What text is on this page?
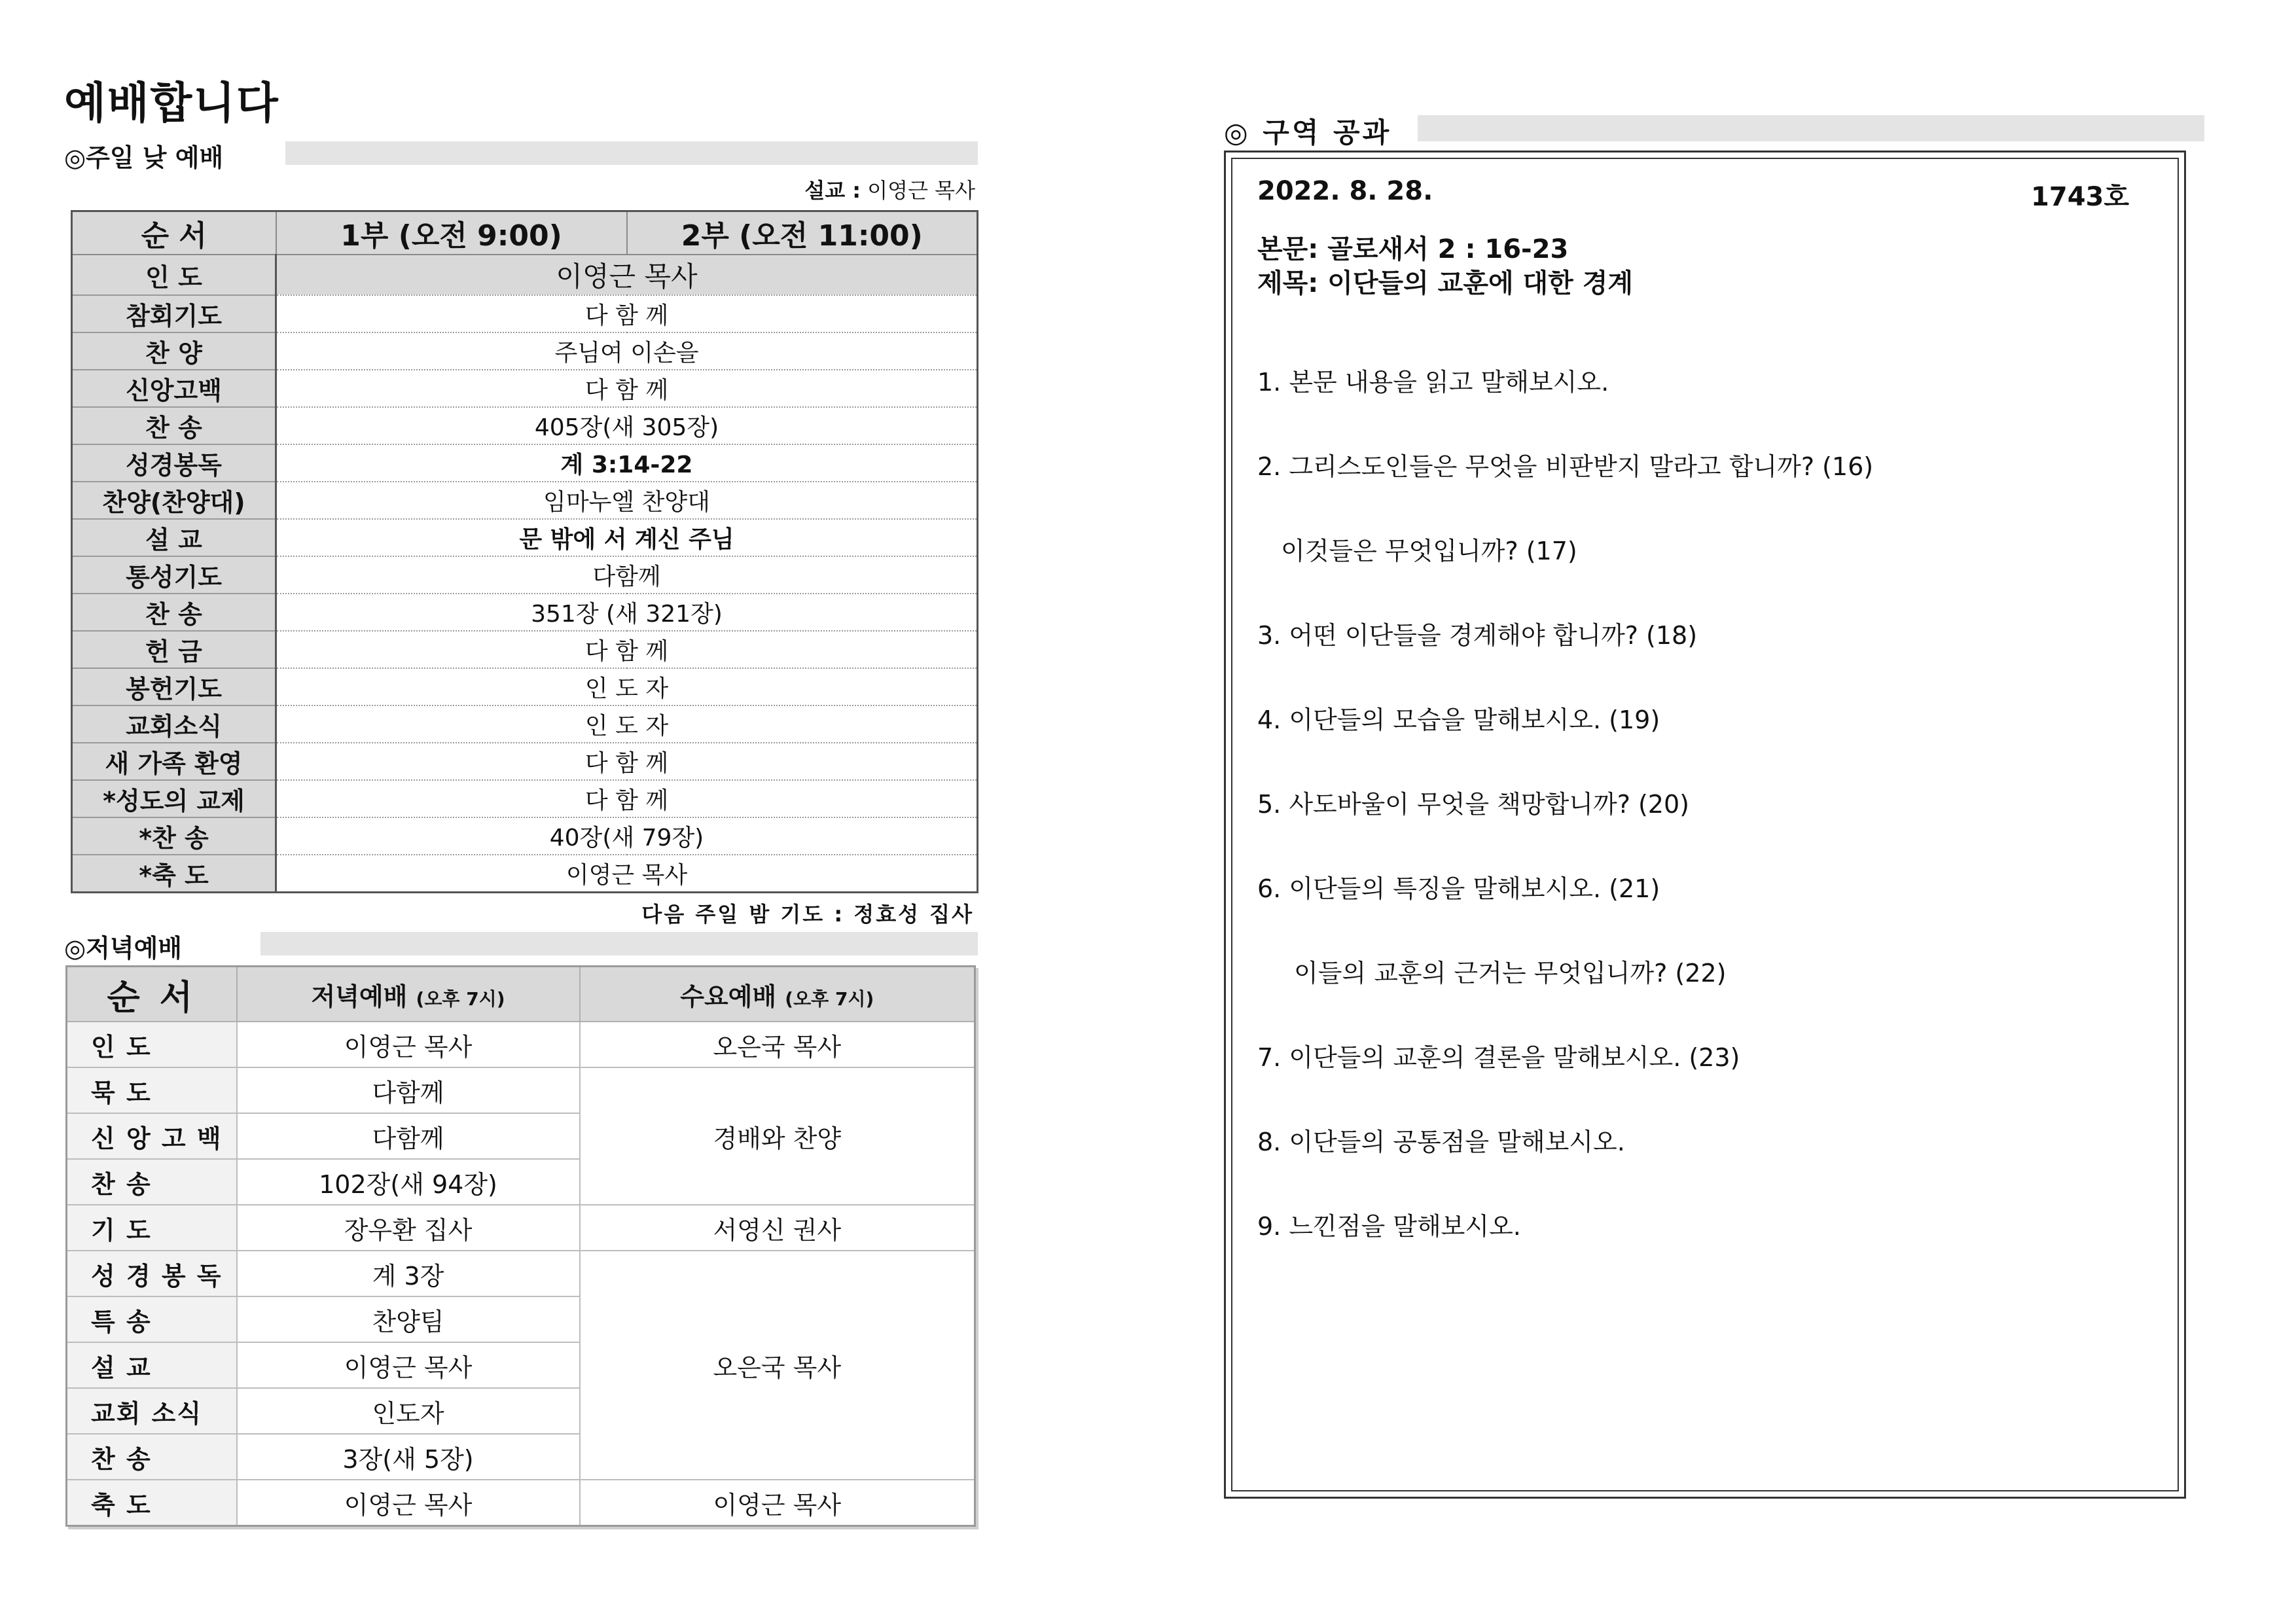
예배합니다
◎주일 낮 예배
설교 : 이영근 목사
순 서	1부 (오전 9:00)	2부 (오전 11:00)
인 도	이영근 목사	
참회기도	다 함 께	
찬 양	주님여 이손을	
신앙고백	다 함 께	
찬 송	405장(새 305장)	
성경봉독	계 3:14-22	
찬양(찬양대)	임마누엘 찬양대	
설 교	문 밖에 서 계신 주님	
통성기도	다함께	
찬 송	351장 (새 321장)	
헌 금	다 함 께	
봉헌기도	인 도 자	
교회소식	인 도 자	
새 가족 환영	다 함 께	
*성도의 교제	다 함 께	
*찬 송	40장(새 79장)	
*축 도	이영근 목사	
다음 주일 밤 기도 : 정효성 집사
◎저녁예배
순 서	저녁예배 (오후 7시)	수요예배 (오후 7시)
인 도	이영근 목사	오은국 목사
묵 도	다함께	경배와 찬양
신 앙 고 백	다함께	
찬 송	102장(새 94장)	
기 도	장우환 집사	서영신 권사
성 경 봉 독	계 3장	오은국 목사
특 송	찬양팀	
설 교	이영근 목사	
교회 소식	인도자	
찬 송	3장(새 5장)	
축 도	이영근 목사	이영근 목사
◎ 구역 공과
2022. 8. 28.	1743호
본문: 골로새서 2 : 16-23
제목: 이단들의 교훈에 대한 경계
1. 본문 내용을 읽고 말해보시오.
2. 그리스도인들은 무엇을 비판받지 말라고 합니까? (16)
이것들은 무엇입니까? (17)
3. 어떤 이단들을 경계해야 합니까? (18)
4. 이단들의 모습을 말해보시오. (19)
5. 사도바울이 무엇을 책망합니까? (20)
6. 이단들의 특징을 말해보시오. (21)
이들의 교훈의 근거는 무엇입니까? (22)
7. 이단들의 교훈의 결론을 말해보시오. (23)
8. 이단들의 공통점을 말해보시오.
9. 느낀점을 말해보시오.
